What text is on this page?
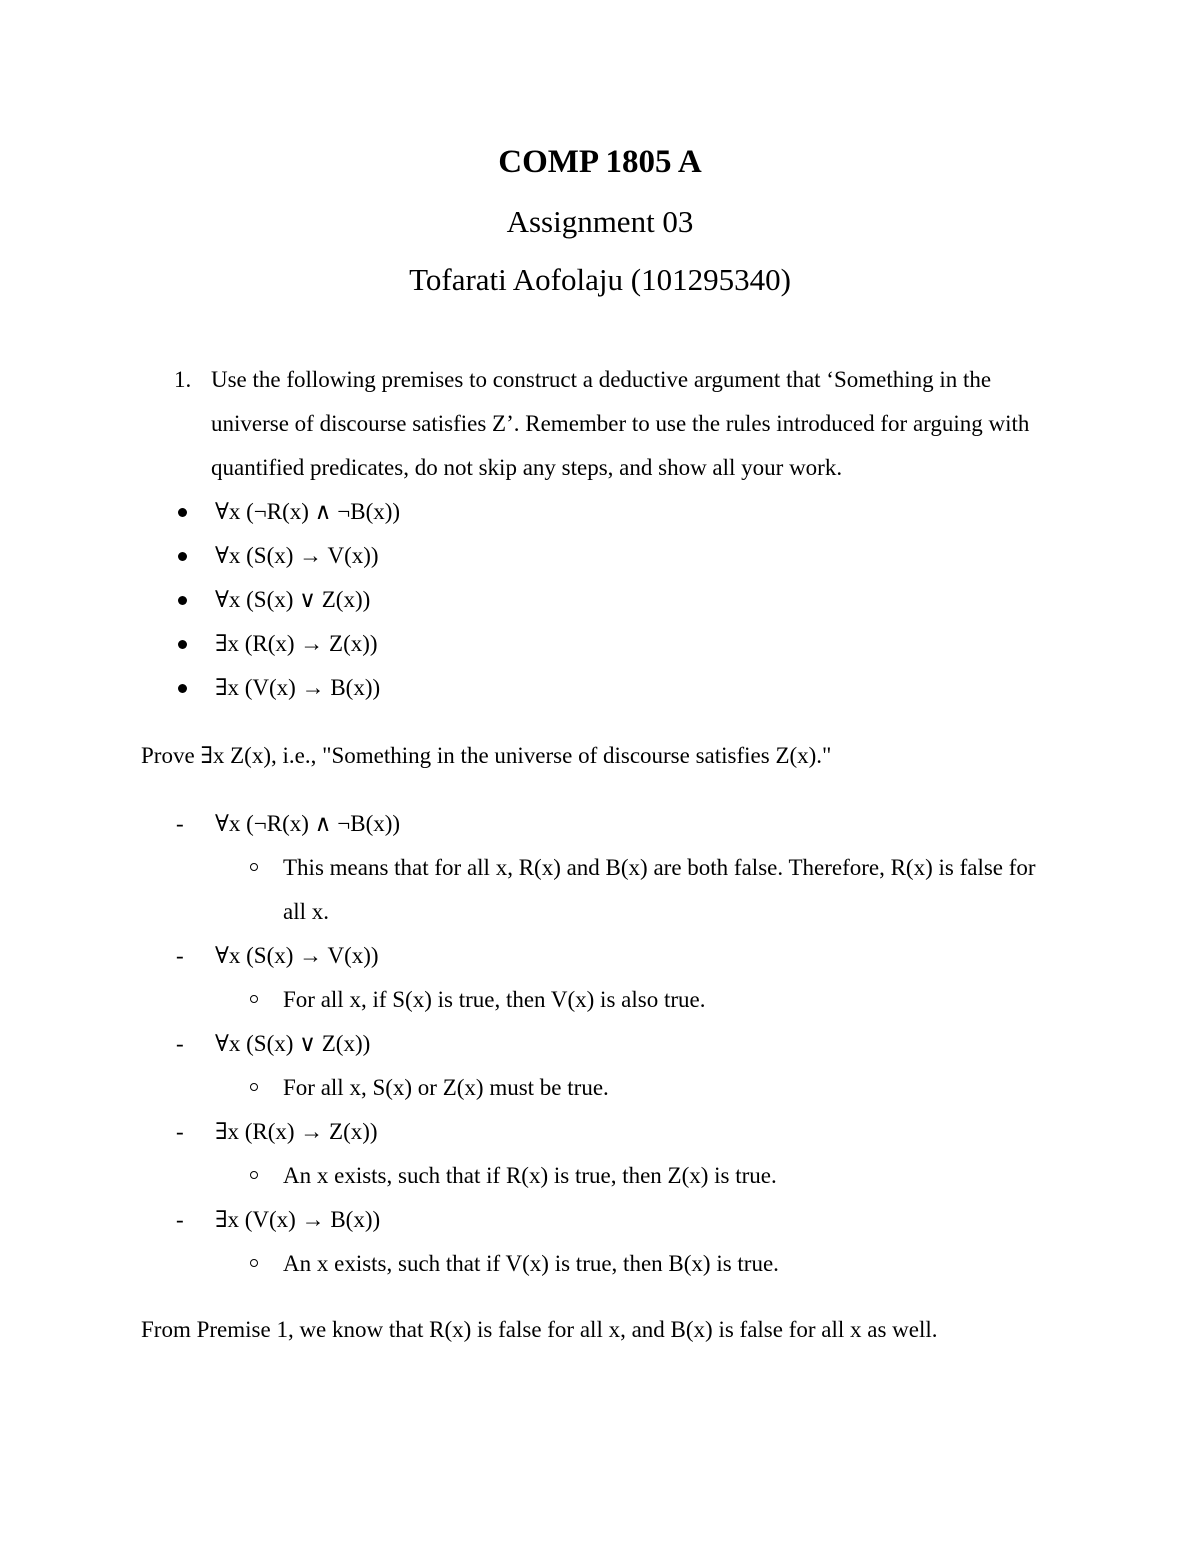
COMP 1805 A
Assignment 03
Tofarati Aofolaju (101295340)
1. Use the following premises to construct a deductive argument that ‘Something in the universe of discourse satisfies Z’. Remember to use the rules introduced for arguing with quantified predicates, do not skip any steps, and show all your work.
∀x (¬R(x) ∧ ¬B(x))
∀x (S(x) → V(x))
∀x (S(x) ∨ Z(x))
∃x (R(x) → Z(x))
∃x (V(x) → B(x))
Prove ∃x Z(x), i.e., "Something in the universe of discourse satisfies Z(x)."
- ∀x (¬R(x) ∧ ¬B(x))
This means that for all x, R(x) and B(x) are both false. Therefore, R(x) is false for all x.
- ∀x (S(x) → V(x))
For all x, if S(x) is true, then V(x) is also true.
- ∀x (S(x) ∨ Z(x))
For all x, S(x) or Z(x) must be true.
- ∃x (R(x) → Z(x))
An x exists, such that if R(x) is true, then Z(x) is true.
- ∃x (V(x) → B(x))
An x exists, such that if V(x) is true, then B(x) is true.
From Premise 1, we know that R(x) is false for all x, and B(x) is false for all x as well.
